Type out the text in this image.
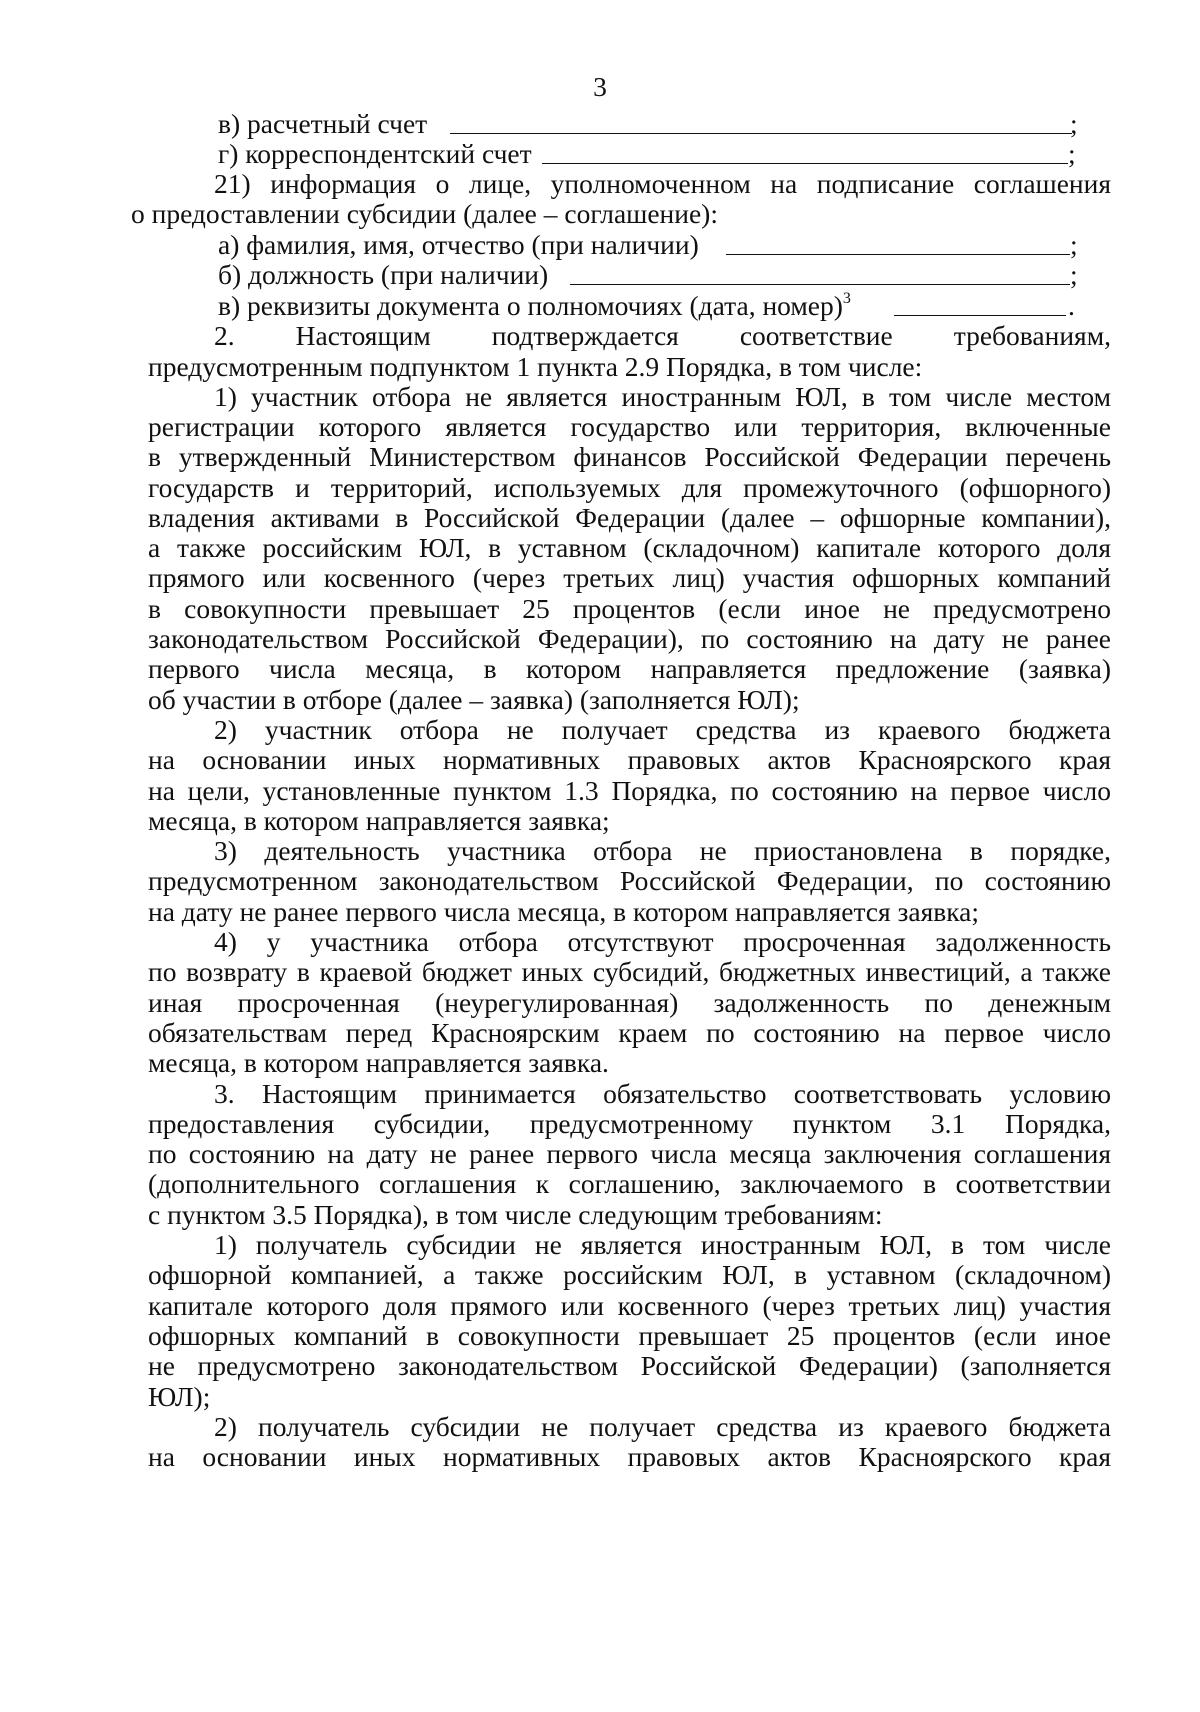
3
в) расчетный счет	;
г) корреспондентский счет	;
21) информация о лице, уполномоченном на подписание соглашения
о предоставлении субсидии (далее – соглашение):
а) фамилия, имя, отчество (при наличии)	;
б) должность (при наличии)	;
в) реквизиты документа о полномочиях (дата, номер)$^3$	.
2. Настоящим подтверждается соответствие требованиям,
предусмотренным подпунктом 1 пункта 2.9 Порядка, в том числе:
1) участник отбора не является иностранным ЮЛ, в том числе местом
регистрации которого является государство или территория, включенные
в утвержденный Министерством финансов Российской Федерации перечень
государств и территорий, используемых для промежуточного (офшорного)
владения активами в Российской Федерации (далее – офшорные компании),
а также российским ЮЛ, в уставном (складочном) капитале которого доля
прямого или косвенного (через третьих лиц) участия офшорных компаний
в совокупности превышает 25 процентов (если иное не предусмотрено
законодательством Российской Федерации), по состоянию на дату не ранее
первого числа месяца, в котором направляется предложение (заявка)
об участии в отборе (далее – заявка) (заполняется ЮЛ);
2) участник отбора не получает средства из краевого бюджета
на основании иных нормативных правовых актов Красноярского края
на цели, установленные пунктом 1.3 Порядка, по состоянию на первое число
месяца, в котором направляется заявка;
3) деятельность участника отбора не приостановлена в порядке,
предусмотренном законодательством Российской Федерации, по состоянию
на дату не ранее первого числа месяца, в котором направляется заявка;
4) у участника отбора отсутствуют просроченная задолженность
по возврату в краевой бюджет иных субсидий, бюджетных инвестиций, а также
иная просроченная (неурегулированная) задолженность по денежным
обязательствам перед Красноярским краем по состоянию на первое число
месяца, в котором направляется заявка.
3. Настоящим принимается обязательство соответствовать условию
предоставления субсидии, предусмотренному пунктом 3.1 Порядка,
по состоянию на дату не ранее первого числа месяца заключения соглашения
(дополнительного соглашения к соглашению, заключаемого в соответствии
с пунктом 3.5 Порядка), в том числе следующим требованиям:
1) получатель субсидии не является иностранным ЮЛ, в том числе
офшорной компанией, а также российским ЮЛ, в уставном (складочном)
капитале которого доля прямого или косвенного (через третьих лиц) участия
офшорных компаний в совокупности превышает 25 процентов (если иное
не предусмотрено законодательством Российской Федерации) (заполняется
ЮЛ);
2) получатель субсидии не получает средства из краевого бюджета
на основании иных нормативных правовых актов Красноярского края
